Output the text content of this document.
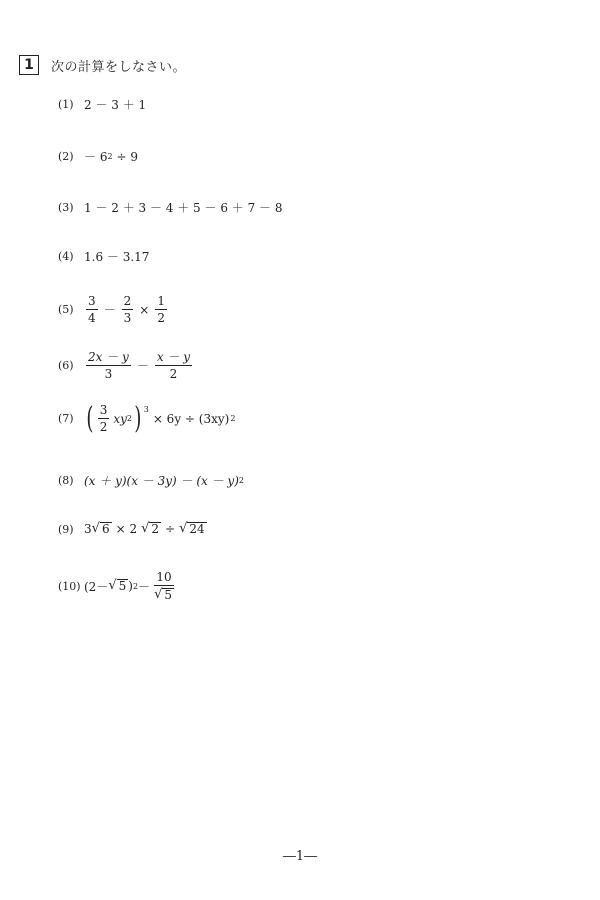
1	次の計算をしなさい。
(1) 2 － 3 ＋ 1
(2) － 6 2 ÷ 9
(3) 1 － 2 ＋ 3 － 4 ＋ 5 － 6 ＋ 7 － 8
(4) 1.6 － 3.17
(5)	$\frac{3}{4} - \frac{2}{3} \times \frac{1}{2}$
(6)	$\frac{2x - y}{3} - \frac{x - y}{2}$
(7) ( $\frac{3}{2}$ xy 2 ) $^3$
× 6y ÷ (3xy) 2
(8) (x ＋ y)(x － 3y) － (x － y) 2
(9) 3 √ 6 × 2 √ 2 ÷ √ 24
(10) (2－ √ 5 ) $2 - \frac{10}{√ 5}$
―1―
